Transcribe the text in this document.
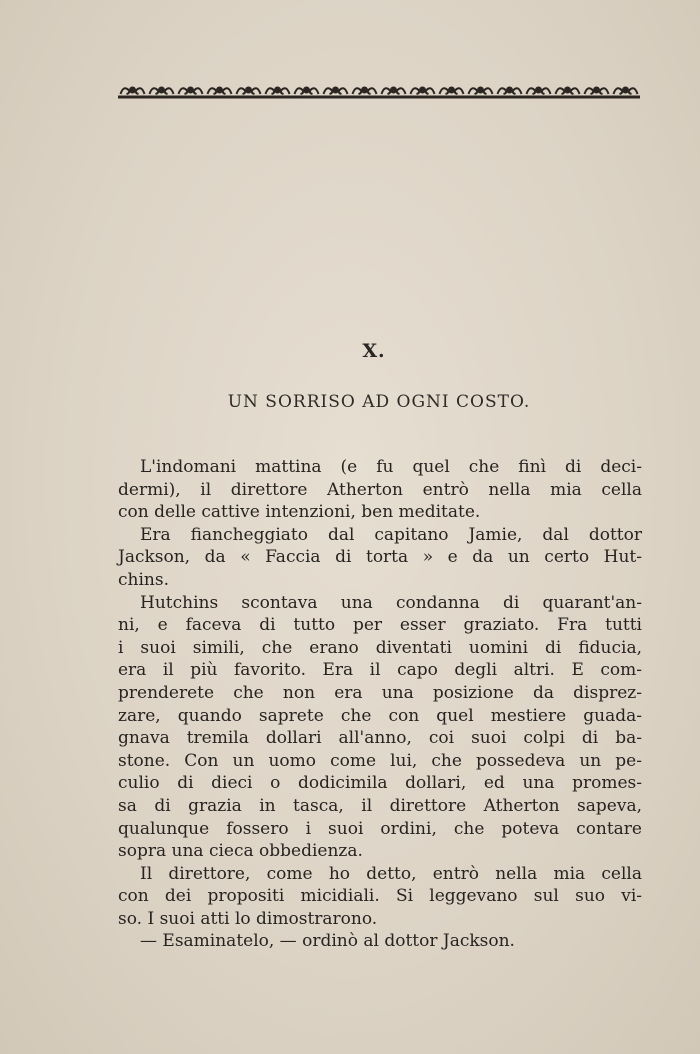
X.
UN SORRISO AD OGNI COSTO.
L'indomani mattina (e fu quel che finì di deci-
dermi), il direttore Atherton entrò nella mia cella
con delle cattive intenzioni, ben meditate.
Era fiancheggiato dal capitano Jamie, dal dottor
Jackson, da « Faccia di torta » e da un certo Hut-
chins.
Hutchins scontava una condanna di quarant'an-
ni, e faceva di tutto per esser graziato. Fra tutti
i suoi simili, che erano diventati uomini di fiducia,
era il più favorito. Era il capo degli altri. E com-
prenderete che non era una posizione da disprez-
zare, quando saprete che con quel mestiere guada-
gnava tremila dollari all'anno, coi suoi colpi di ba-
stone. Con un uomo come lui, che possedeva un pe-
culio di dieci o dodicimila dollari, ed una promes-
sa di grazia in tasca, il direttore Atherton sapeva,
qualunque fossero i suoi ordini, che poteva contare
sopra una cieca obbedienza.
Il direttore, come ho detto, entrò nella mia cella
con dei propositi micidiali. Si leggevano sul suo vi-
so. I suoi atti lo dimostrarono.
— Esaminatelo, — ordinò al dottor Jackson.
